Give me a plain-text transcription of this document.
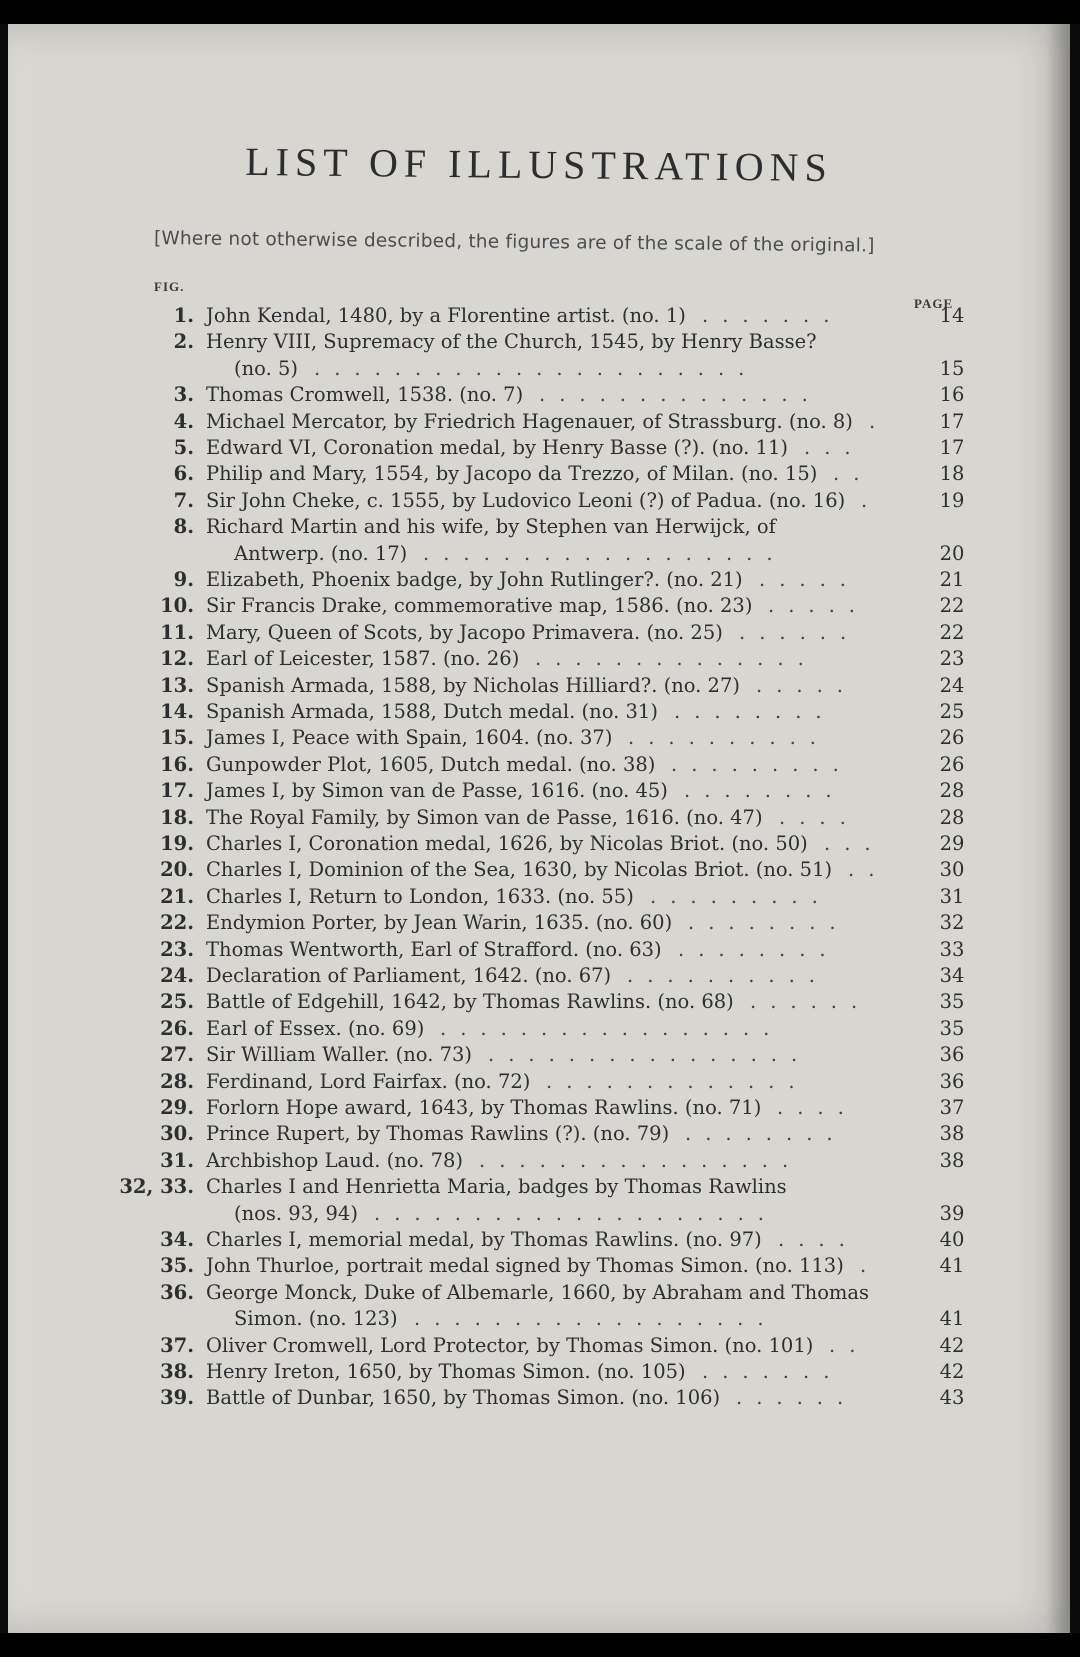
LIST OF ILLUSTRATIONS
[Where not otherwise described, the figures are of the scale of the original.]
FIG.
PAGE
1. John Kendal, 1480, by a Florentine artist. (no. 1) .......	14
2. Henry VIII, Supremacy of the Church, 1545, by Henry Basse?
(no. 5) ......................	15
3. Thomas Cromwell, 1538. (no. 7) ..............	16
4. Michael Mercator, by Friedrich Hagenauer, of Strassburg. (no. 8) .	17
5. Edward VI, Coronation medal, by Henry Basse (?). (no. 11) ...	17
6. Philip and Mary, 1554, by Jacopo da Trezzo, of Milan. (no. 15) ..	18
7. Sir John Cheke, c. 1555, by Ludovico Leoni (?) of Padua. (no. 16) .	19
8. Richard Martin and his wife, by Stephen van Herwijck, of
Antwerp. (no. 17) ..................	20
9. Elizabeth, Phoenix badge, by John Rutlinger?. (no. 21) .....	21
10. Sir Francis Drake, commemorative map, 1586. (no. 23) .....	22
11. Mary, Queen of Scots, by Jacopo Primavera. (no. 25) ......	22
12. Earl of Leicester, 1587. (no. 26) ..............	23
13. Spanish Armada, 1588, by Nicholas Hilliard?. (no. 27) .....	24
14. Spanish Armada, 1588, Dutch medal. (no. 31) ........	25
15. James I, Peace with Spain, 1604. (no. 37) ..........	26
16. Gunpowder Plot, 1605, Dutch medal. (no. 38) .........	26
17. James I, by Simon van de Passe, 1616. (no. 45) ........	28
18. The Royal Family, by Simon van de Passe, 1616. (no. 47) ....	28
19. Charles I, Coronation medal, 1626, by Nicolas Briot. (no. 50) ...	29
20. Charles I, Dominion of the Sea, 1630, by Nicolas Briot. (no. 51) ..	30
21. Charles I, Return to London, 1633. (no. 55) .........	31
22. Endymion Porter, by Jean Warin, 1635. (no. 60) ........	32
23. Thomas Wentworth, Earl of Strafford. (no. 63) ........	33
24. Declaration of Parliament, 1642. (no. 67) ..........	34
25. Battle of Edgehill, 1642, by Thomas Rawlins. (no. 68) ......	35
26. Earl of Essex. (no. 69) .................	35
27. Sir William Waller. (no. 73) ................	36
28. Ferdinand, Lord Fairfax. (no. 72) .............	36
29. Forlorn Hope award, 1643, by Thomas Rawlins. (no. 71) ....	37
30. Prince Rupert, by Thomas Rawlins (?). (no. 79) ........	38
31. Archbishop Laud. (no. 78) ................	38
32, 33. Charles I and Henrietta Maria, badges by Thomas Rawlins
(nos. 93, 94) ....................	39
34. Charles I, memorial medal, by Thomas Rawlins. (no. 97) ....	40
35. John Thurloe, portrait medal signed by Thomas Simon. (no. 113) .	41
36. George Monck, Duke of Albemarle, 1660, by Abraham and Thomas
Simon. (no. 123) ..................	41
37. Oliver Cromwell, Lord Protector, by Thomas Simon. (no. 101) ..	42
38. Henry Ireton, 1650, by Thomas Simon. (no. 105) .......	42
39. Battle of Dunbar, 1650, by Thomas Simon. (no. 106) ......	43
